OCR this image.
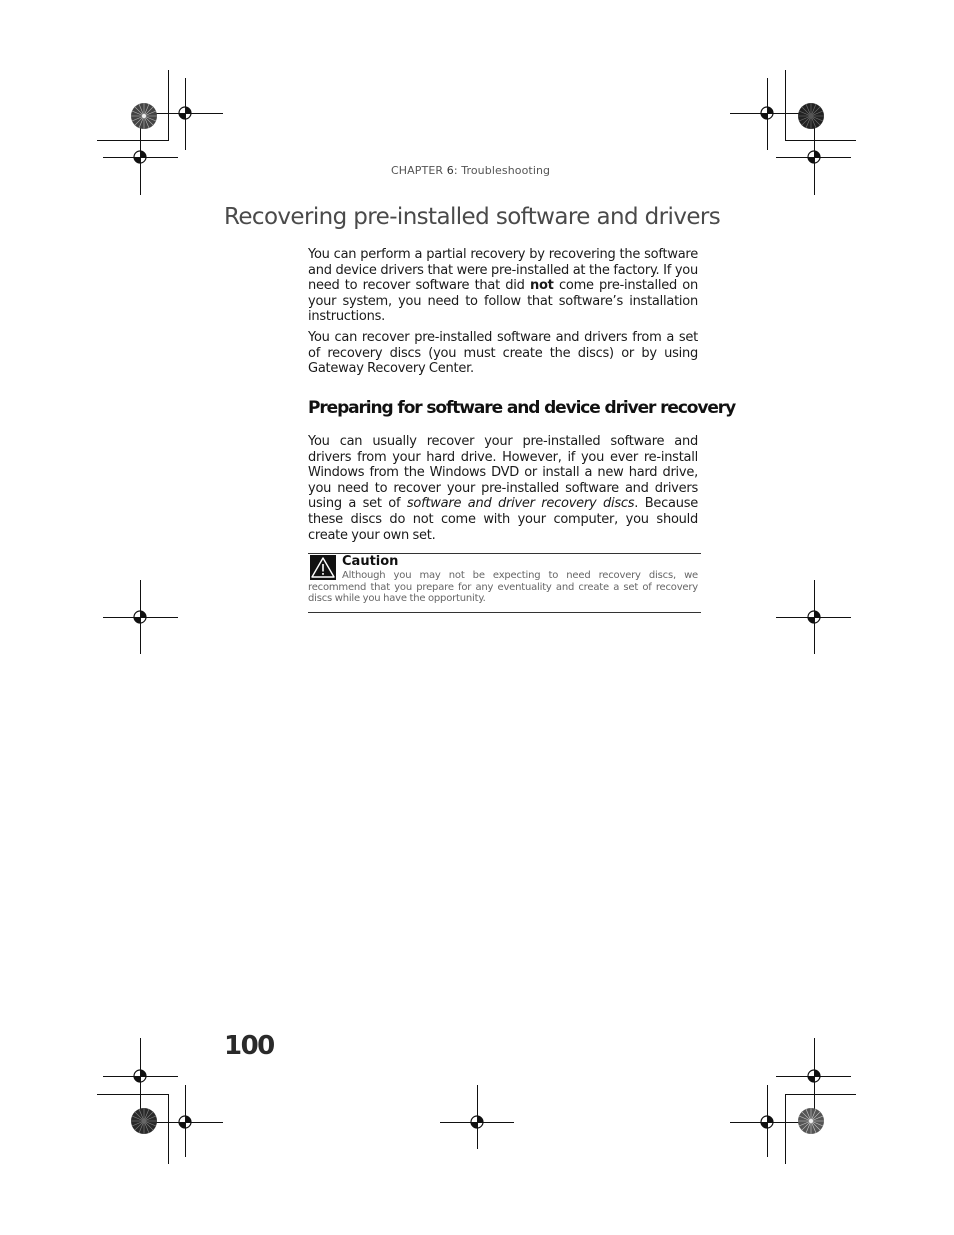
CHAPTER 6: Troubleshooting
Recovering pre-installed software and drivers

You can perform a partial recovery by recovering the software and device drivers that were pre-installed at the factory. If you need to recover software that did not come pre-installed on your system, you need to follow that software’s installation instructions.

You can recover pre-installed software and drivers from a set of recovery discs (you must create the discs) or by using Gateway Recovery Center.

Preparing for software and device driver recovery

You can usually recover your pre-installed software and drivers from your hard drive. However, if you ever re-install Windows from the Windows DVD or install a new hard drive, you need to recover your pre-installed software and drivers using a set of software and driver recovery discs. Because these discs do not come with your computer, you should create your own set.

Caution

Although you may not be expecting to need recovery discs, we recommend that you prepare for any eventuality and create a set of recovery discs while you have the opportunity.

100
